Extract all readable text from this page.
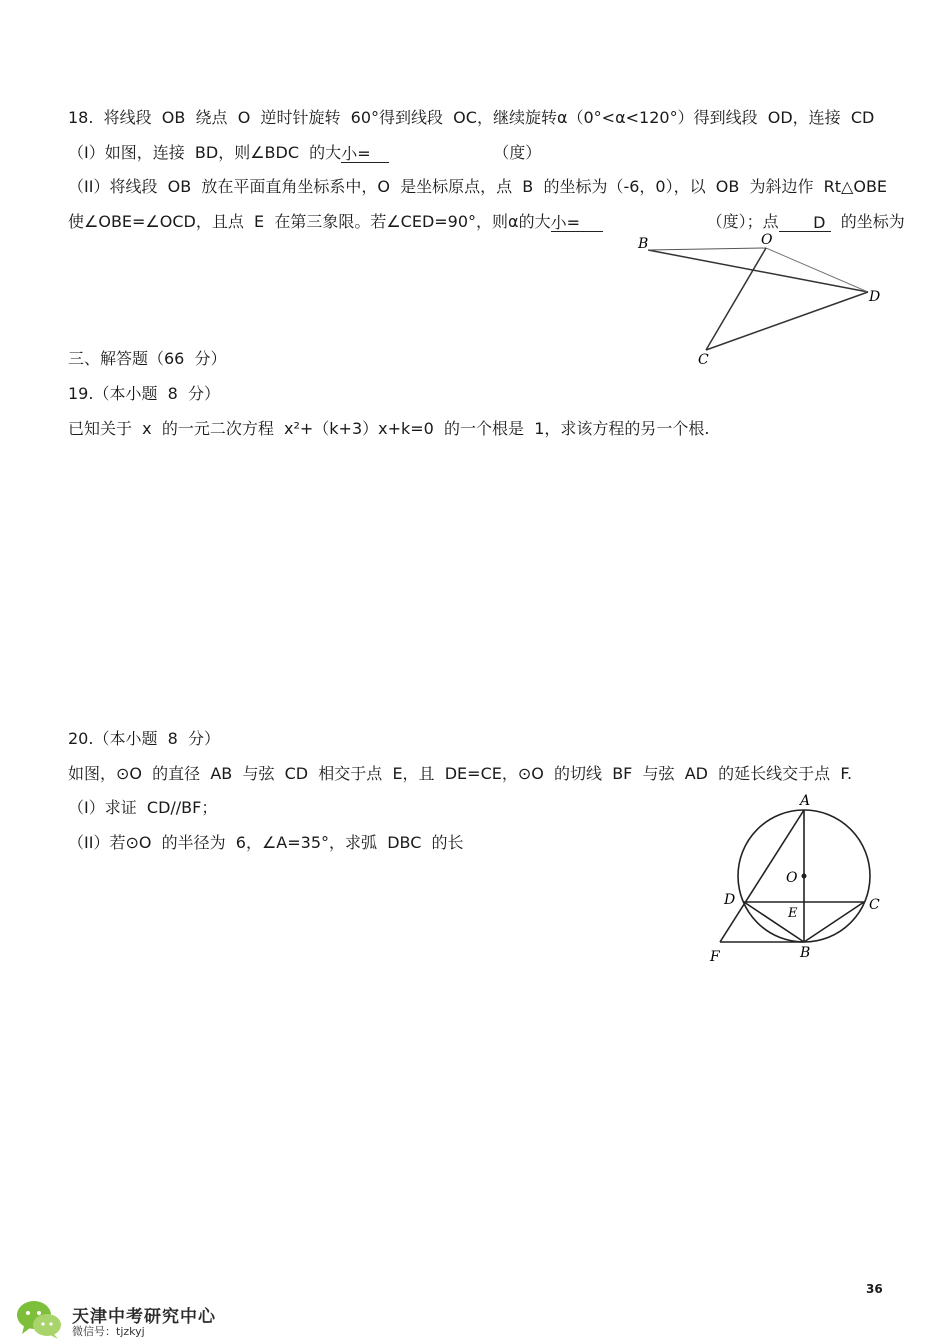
18.  将线段  OB  绕点  O  逆时针旋转  60°得到线段  OC，继续旋转α（0°<α<120°）得到线段  OD，连接  CD
（I）如图，连接  BD，则∠BDC  的大小=	（度）
（II）将线段  OB  放在平面直角坐标系中，O  是坐标原点，点  B  的坐标为（-6，0），以  OB  为斜边作  Rt△OBE
使∠OBE=∠OCD，且点  E  在第三象限。若∠CED=90°，则α的大小=	（度）；点 D 的坐标为
B	O
D
C
三、解答题（66  分）
19.（本小题  8  分）
已知关于  x  的一元二次方程  x²+（k+3）x+k=0  的一个根是  1，求该方程的另一个根.
20.（本小题  8  分）
如图，⊙O  的直径  AB  与弦  CD  相交于点  E，且  DE=CE，⊙O  的切线  BF  与弦  AD  的延长线交于点  F.
（I）求证  CD//BF；
（II）若⊙O  的半径为  6，∠A=35°，求弧  DBC  的长
A
O
D
E
C
F	B
36
天津中考研究中心
微信号：tjzkyj
